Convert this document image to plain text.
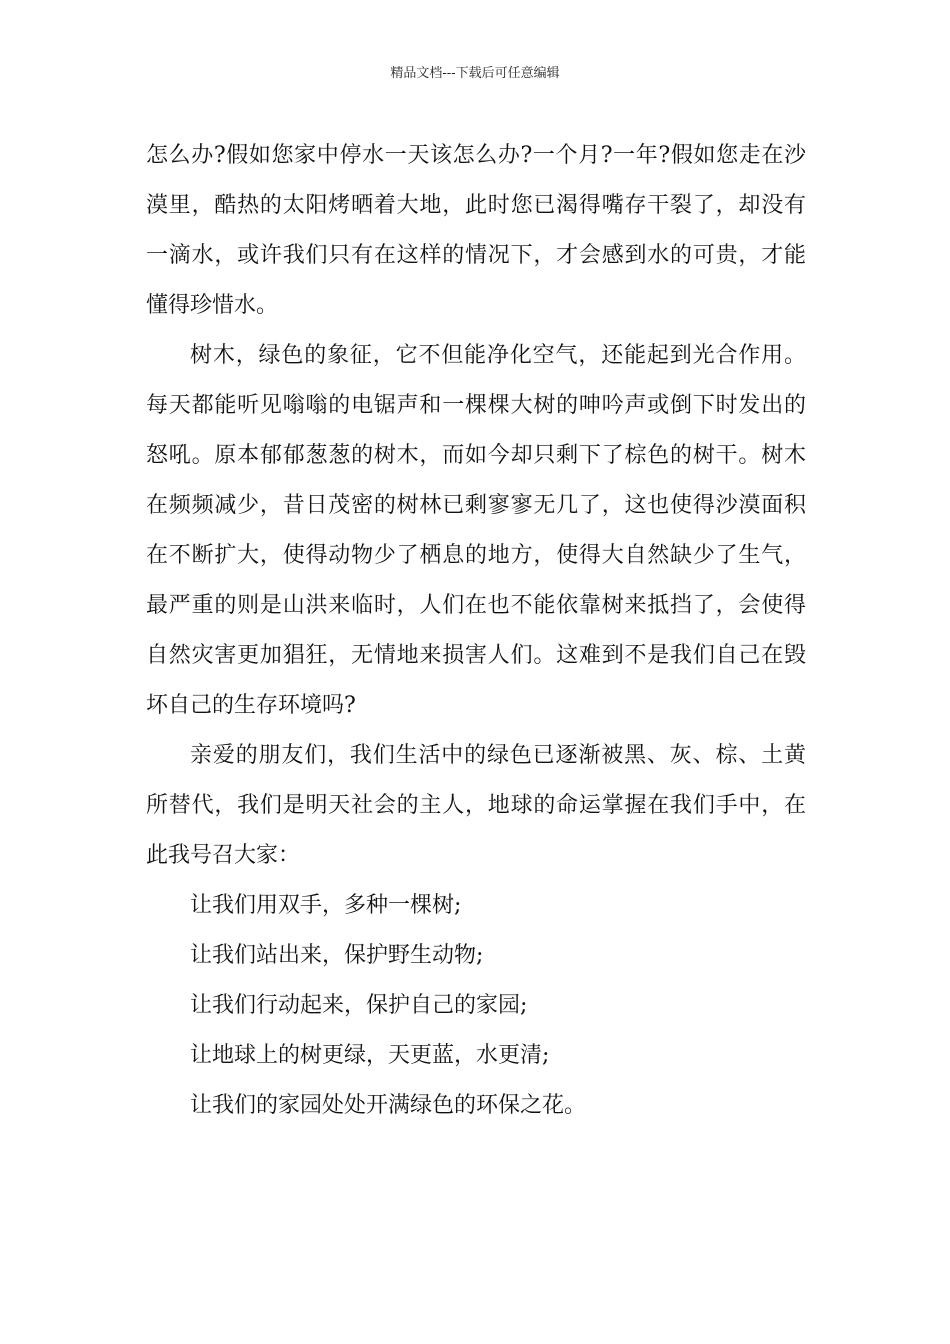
精品文档---下载后可任意编辑
怎么办?假如您家中停水一天该怎么办?一个月?一年?假如您走在沙
漠里，酷热的太阳烤晒着大地，此时您已渴得嘴存干裂了，却没有
一滴水，或许我们只有在这样的情况下，才会感到水的可贵，才能
懂得珍惜水。
树木，绿色的象征，它不但能净化空气，还能起到光合作用。
每天都能听见嗡嗡的电锯声和一棵棵大树的呻吟声或倒下时发出的
怒吼。原本郁郁葱葱的树木，而如今却只剩下了棕色的树干。树木
在频频减少，昔日茂密的树林已剩寥寥无几了，这也使得沙漠面积
在不断扩大，使得动物少了栖息的地方，使得大自然缺少了生气，
最严重的则是山洪来临时，人们在也不能依靠树来抵挡了，会使得
自然灾害更加猖狂，无情地来损害人们。这难到不是我们自己在毁
坏自己的生存环境吗?
亲爱的朋友们，我们生活中的绿色已逐渐被黑、灰、棕、土黄
所替代，我们是明天社会的主人，地球的命运掌握在我们手中，在
此我号召大家：
让我们用双手，多种一棵树;
让我们站出来，保护野生动物;
让我们行动起来，保护自己的家园;
让地球上的树更绿，天更蓝，水更清;
让我们的家园处处开满绿色的环保之花。
